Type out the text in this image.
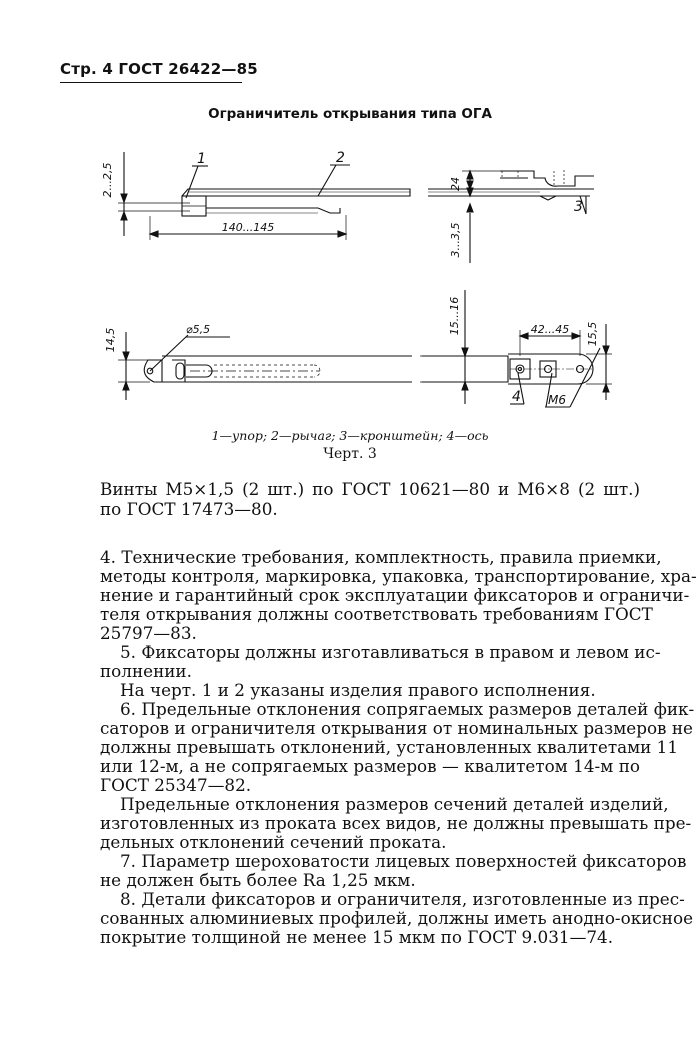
Стр. 4 ГОСТ 26422—85
Ограничитель открывания типа ОГА
2...2,5
140...145
24
3...3,5
1	2
3
14,5	⌀5,5	15...16	42...45 15,5
4 М6
1—упор; 2—рычаг; 3—кронштейн; 4—ось
Черт. 3
Винты М5×1,5 (2 шт.) по ГОСТ 10621—80 и М6×8 (2 шт.)
по ГОСТ 17473—80.
4. Технические требования, комплектность, правила приемки,
методы контроля, маркировка, упаковка, транспортирование, хра-
нение и гарантийный срок эксплуатации фиксаторов и ограничи-
теля открывания должны соответствовать требованиям ГОСТ
25797—83.
5. Фиксаторы должны изготавливаться в правом и левом ис-
полнении.
На черт. 1 и 2 указаны изделия правого исполнения.
6. Предельные отклонения сопрягаемых размеров деталей фик-
саторов и ограничителя открывания от номинальных размеров не
должны превышать отклонений, установленных квалитетами 11
или 12-м, а не сопрягаемых размеров — квалитетом 14-м по
ГОСТ 25347—82.
Предельные отклонения размеров сечений деталей изделий,
изготовленных из проката всех видов, не должны превышать пре-
дельных отклонений сечений проката.
7. Параметр шероховатости лицевых поверхностей фиксаторов
не должен быть более Ra 1,25 мкм.
8. Детали фиксаторов и ограничителя, изготовленные из прес-
сованных алюминиевых профилей, должны иметь анодно-окисное
покрытие толщиной не менее 15 мкм по ГОСТ 9.031—74.
